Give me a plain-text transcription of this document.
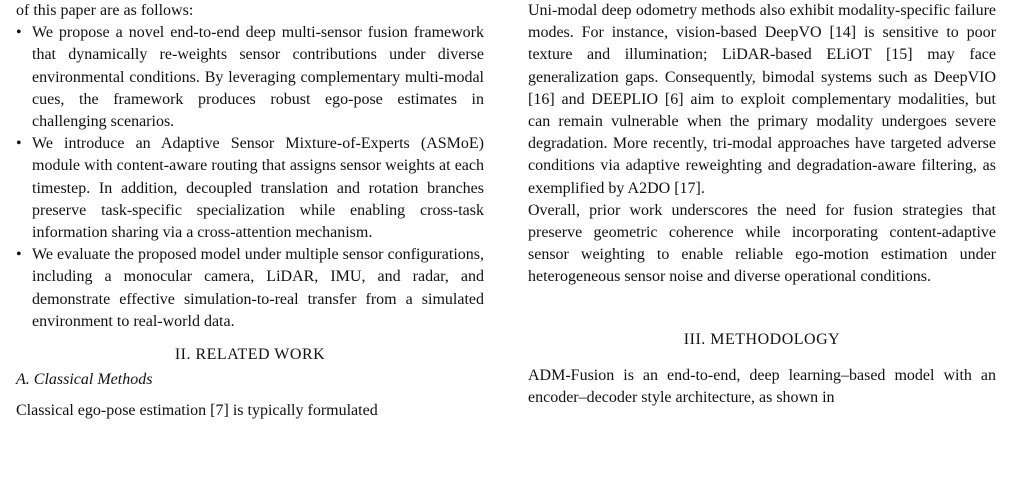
of this paper are as follows:

• We propose a novel end-to-end deep multi-sensor fusion framework that dynamically re-weights sensor contributions under diverse environmental conditions. By leveraging complementary multi-modal cues, the framework produces robust ego-pose estimates in challenging scenarios.
• We introduce an Adaptive Sensor Mixture-of-Experts (ASMoE) module with content-aware routing that assigns sensor weights at each timestep. In addition, decoupled translation and rotation branches preserve task-specific specialization while enabling cross-task information sharing via a cross-attention mechanism.
• We evaluate the proposed model under multiple sensor configurations, including a monocular camera, LiDAR, IMU, and radar, and demonstrate effective simulation-to-real transfer from a simulated environment to real-world data.

II. RELATED WORK

A. Classical Methods

Classical ego-pose estimation [7] is typically formulated

Uni-modal deep odometry methods also exhibit modality-specific failure modes. For instance, vision-based DeepVO [14] is sensitive to poor texture and illumination; LiDAR-based ELiOT [15] may face generalization gaps. Consequently, bimodal systems such as DeepVIO [16] and DEEPLIO [6] aim to exploit complementary modalities, but can remain vulnerable when the primary modality undergoes severe degradation. More recently, tri-modal approaches have targeted adverse conditions via adaptive reweighting and degradation-aware filtering, as exemplified by A2DO [17].

Overall, prior work underscores the need for fusion strategies that preserve geometric coherence while incorporating content-adaptive sensor weighting to enable reliable ego-motion estimation under heterogeneous sensor noise and diverse operational conditions.

III. METHODOLOGY

ADM-Fusion is an end-to-end, deep learning–based model with an encoder–decoder style architecture, as shown in
